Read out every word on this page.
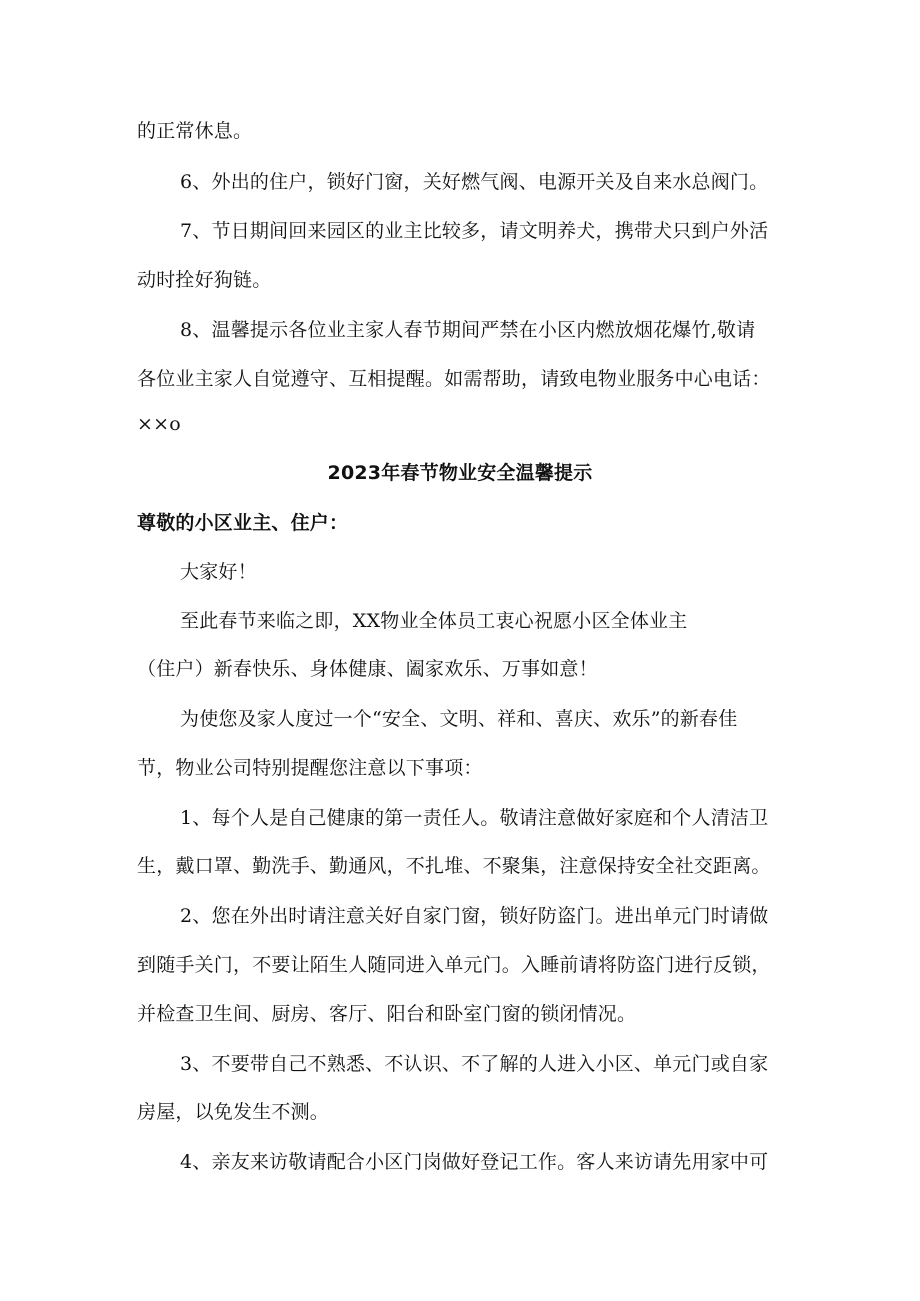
的正常休息。
6、外出的住户，锁好门窗，关好燃气阀、电源开关及自来水总阀门。
7、节日期间回来园区的业主比较多，请文明养犬，携带犬只到户外活
动时拴好狗链。
8、温馨提示各位业主家人春节期间严禁在小区内燃放烟花爆竹,敬请
各位业主家人自觉遵守、互相提醒。如需帮助，请致电物业服务中心电话：
××o
2023年春节物业安全温馨提示
尊敬的小区业主、住户：
大家好！
至此春节来临之即，XX物业全体员工衷心祝愿小区全体业主
（住户）新春快乐、身体健康、阖家欢乐、万事如意！
为使您及家人度过一个“安全、文明、祥和、喜庆、欢乐”的新春佳
节，物业公司特别提醒您注意以下事项：
1、每个人是自己健康的第一责任人。敬请注意做好家庭和个人清洁卫
生，戴口罩、勤洗手、勤通风，不扎堆、不聚集，注意保持安全社交距离。
2、您在外出时请注意关好自家门窗，锁好防盗门。进出单元门时请做
到随手关门，不要让陌生人随同进入单元门。入睡前请将防盗门进行反锁，
并检查卫生间、厨房、客厅、阳台和卧室门窗的锁闭情况。
3、不要带自己不熟悉、不认识、不了解的人进入小区、单元门或自家
房屋，以免发生不测。
4、亲友来访敬请配合小区门岗做好登记工作。客人来访请先用家中可
